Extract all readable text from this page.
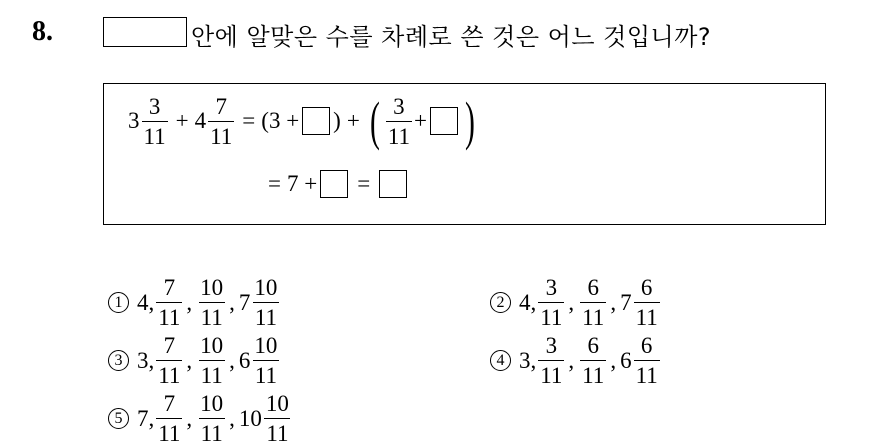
8.	안에 알맞은 수를 차례로 쓴 것은 어느 것입니까?
$3 \frac{3}{11} + 4 \frac{7}{11} = (3$ + ) + ( $\frac{3}{11}$ + )
= 7 + =
1 4, $\frac{7}{11}$ , $\frac{10}{11}$ , $7 \frac{10}{11}$	2 4, $\frac{3}{11}$ , $\frac{6}{11}$ , $7 \frac{6}{11}$
3 3, $\frac{7}{11}$ , $\frac{10}{11}$ , $6 \frac{10}{11}$	4 3, $\frac{3}{11}$ , $\frac{6}{11}$ , $6 \frac{6}{11}$
5 7, $\frac{7}{11}$ , $\frac{10}{11}$ , $10 \frac{10}{11}$
